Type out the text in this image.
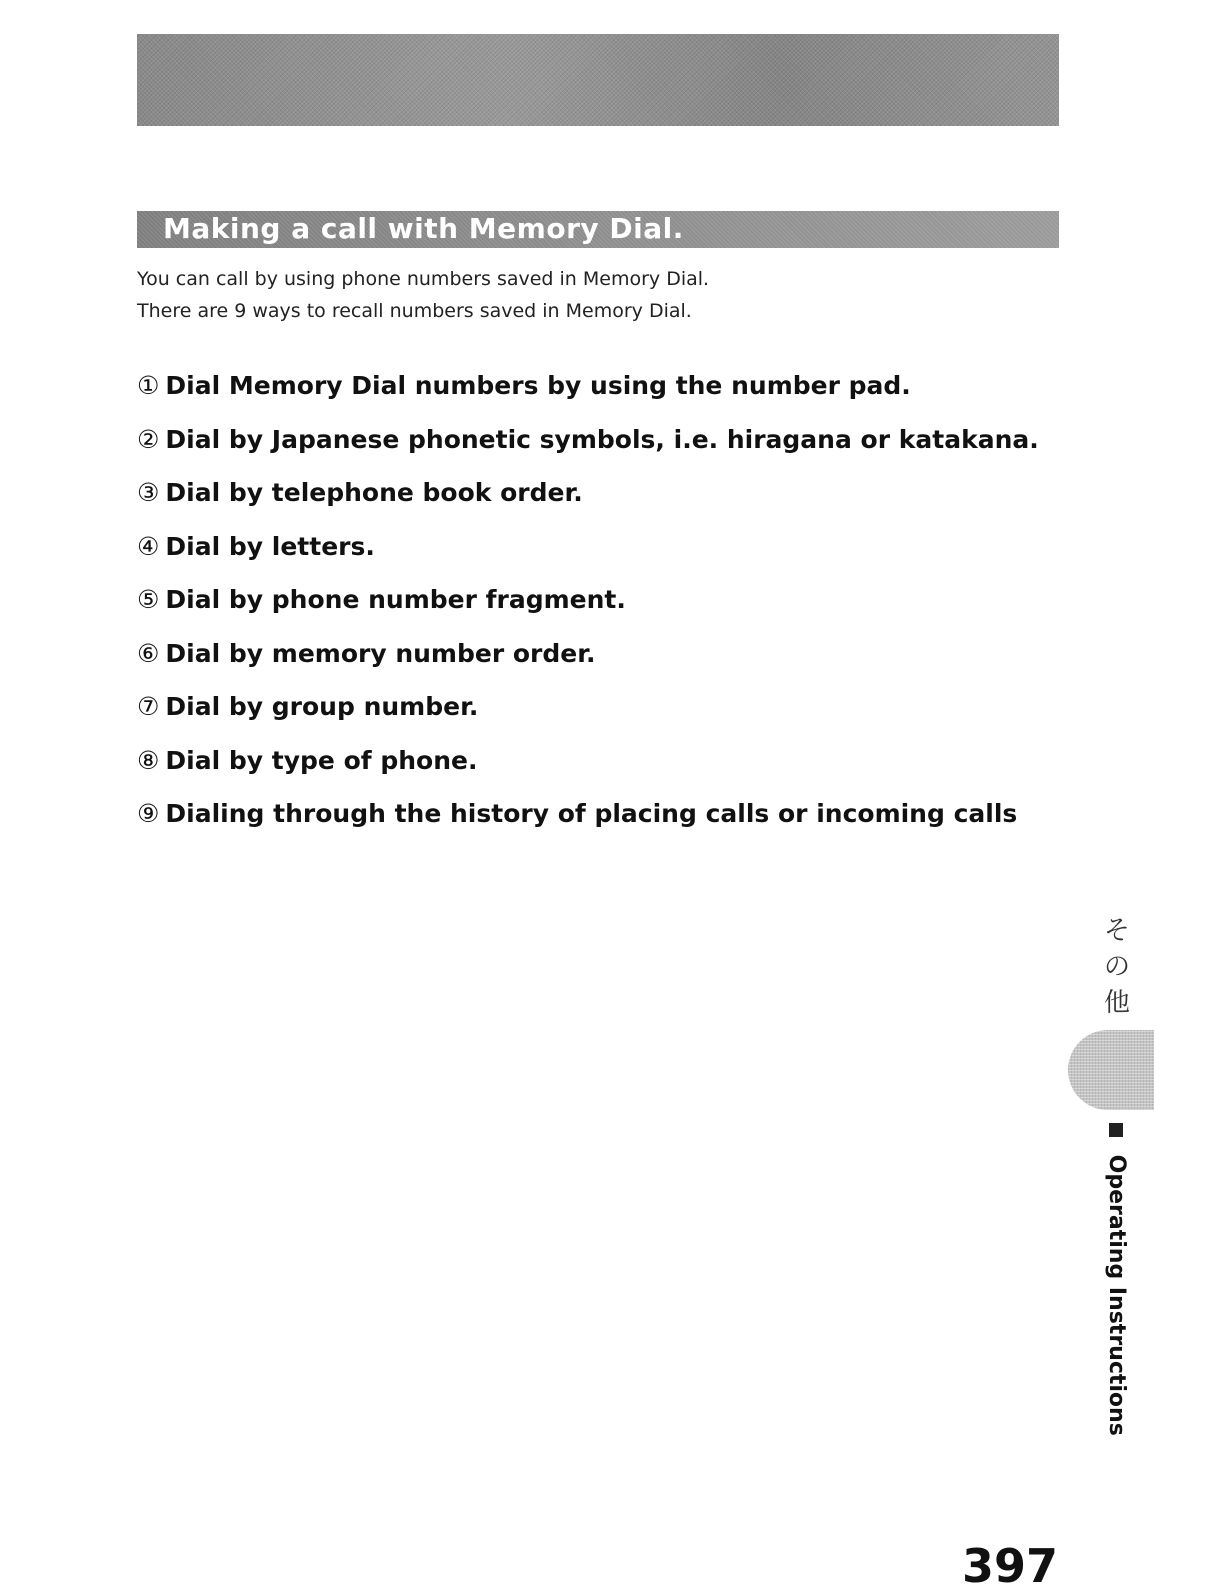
Making a call with Memory Dial.
You can call by using phone numbers saved in Memory Dial.
There are 9 ways to recall numbers saved in Memory Dial.
① Dial Memory Dial numbers by using the number pad.
② Dial by Japanese phonetic symbols, i.e. hiragana or katakana.
③ Dial by telephone book order.
④ Dial by letters.
⑤ Dial by phone number fragment.
⑥ Dial by memory number order.
⑦ Dial by group number.
⑧ Dial by type of phone.
⑨ Dialing through the history of placing calls or incoming calls
そ
の
他
Operating Instructions
397
